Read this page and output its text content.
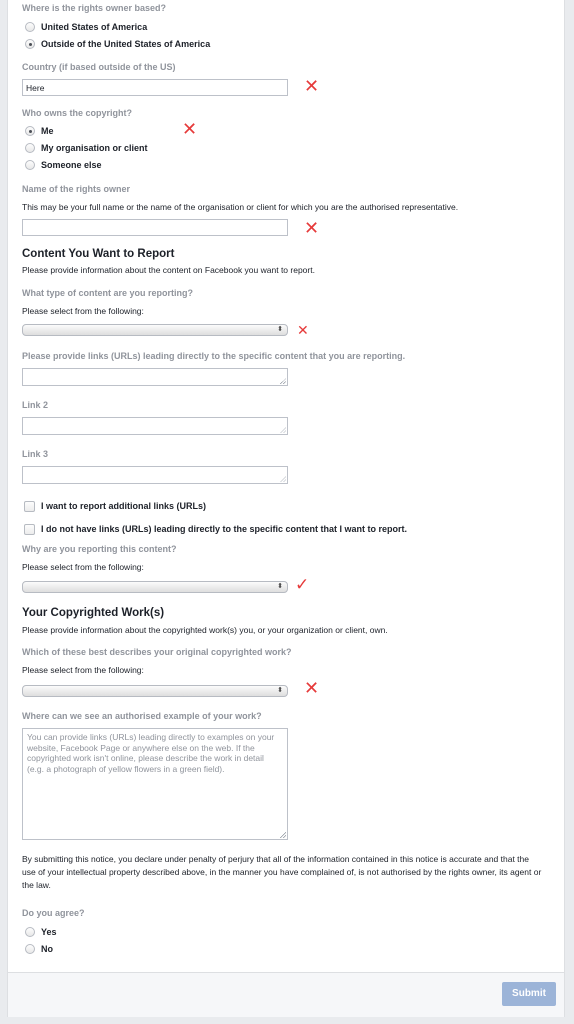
Where is the rights owner based?
United States of America
Outside of the United States of America
Country (if based outside of the US)
Here
✕
Who owns the copyright?
Me	✕
My organisation or client
Someone else
Name of the rights owner
This may be your full name or the name of the organisation or client for which you are the authorised representative.
✕
Content You Want to Report
Please provide information about the content on Facebook you want to report.
What type of content are you reporting?
Please select from the following:
⬍ ✕
Please provide links (URLs) leading directly to the specific content that you are reporting.
Link 2
Link 3
I want to report additional links (URLs)
I do not have links (URLs) leading directly to the specific content that I want to report.
Why are you reporting this content?
Please select from the following:
⬍ ✓
Your Copyrighted Work(s)
Please provide information about the copyrighted work(s) you, or your organization or client, own.
Which of these best describes your original copyrighted work?
Please select from the following:
⬍ ✕
Where can we see an authorised example of your work?
You can provide links (URLs) leading directly to examples on your website, Facebook Page or anywhere else on the web. If the copyrighted work isn't online, please describe the work in detail (e.g. a photograph of yellow flowers in a green field).
By submitting this notice, you declare under penalty of perjury that all of the information contained in this notice is accurate and that the use of your intellectual property described above, in the manner you have complained of, is not authorised by the rights owner, its agent or the law.
Do you agree?
Yes
No
Submit
